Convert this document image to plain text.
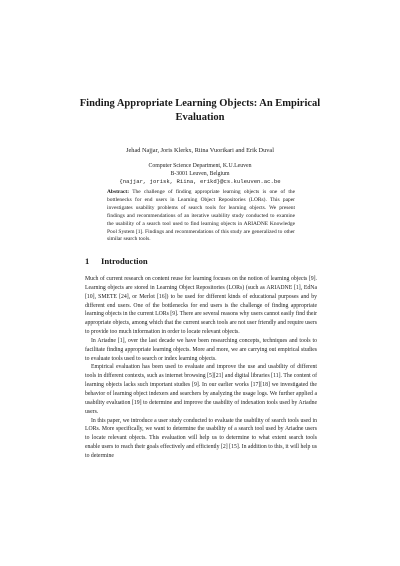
Finding Appropriate Learning Objects: An Empirical
Evaluation
Jehad Najjar, Joris Klerkx, Riina Vuorikari and Erik Duval
Computer Science Department, K.U.Leuven
B-3001 Leuven, Belgium
{najjar, jorisk, Riina, erikd}@cs.kuleuven.ac.be
Abstract: The challenge of finding appropriate learning objects is one of the bottlenecks for end users in Learning Object Repositories (LORs). This paper investigates usability problems of search tools for learning objects. We present findings and recommendations of an iterative usability study conducted to examine the usability of a search tool used to find learning objects in ARIADNE Knowledge Pool System [1]. Findings and recommendations of this study are generalized to other similar search tools.
1 Introduction

Much of current research on content reuse for learning focuses on the notion of learning objects [9]. Learning objects are stored in Learning Object Repositories (LORs) (such as ARIADNE [1], EdNa [10], SMETE [24], or Merlot [16]) to be used for different kinds of educational purposes and by different end users. One of the bottlenecks for end users is the challenge of finding appropriate learning objects in the current LORs [9]. There are several reasons why users cannot easily find their appropriate objects, among which that the current search tools are not user friendly and require users to provide too much information in order to locate relevant objects.

In Ariadne [1], over the last decade we have been researching concepts, techniques and tools to facilitate finding appropriate learning objects. More and more, we are carrying out empirical studies to evaluate tools used to search or index learning objects.

Empirical evaluation has been used to evaluate and improve the use and usability of different tools in different contexts, such as internet browsing [5][21] and digital libraries [11]. The content of learning objects lacks such important studies [9]. In our earlier works [17][18] we investigated the behavior of learning object indexers and searchers by analyzing the usage logs. We further applied a usability evaluation [19] to determine and improve the usability of indexation tools used by Ariadne users.

In this paper, we introduce a user study conducted to evaluate the usability of search tools used in LORs. More specifically, we want to determine the usability of a search tool used by Ariadne users to locate relevant objects. This evaluation will help us to determine to what extent search tools enable users to reach their goals effectively and efficiently [2] [15]. In addition to this, it will help us to determine
